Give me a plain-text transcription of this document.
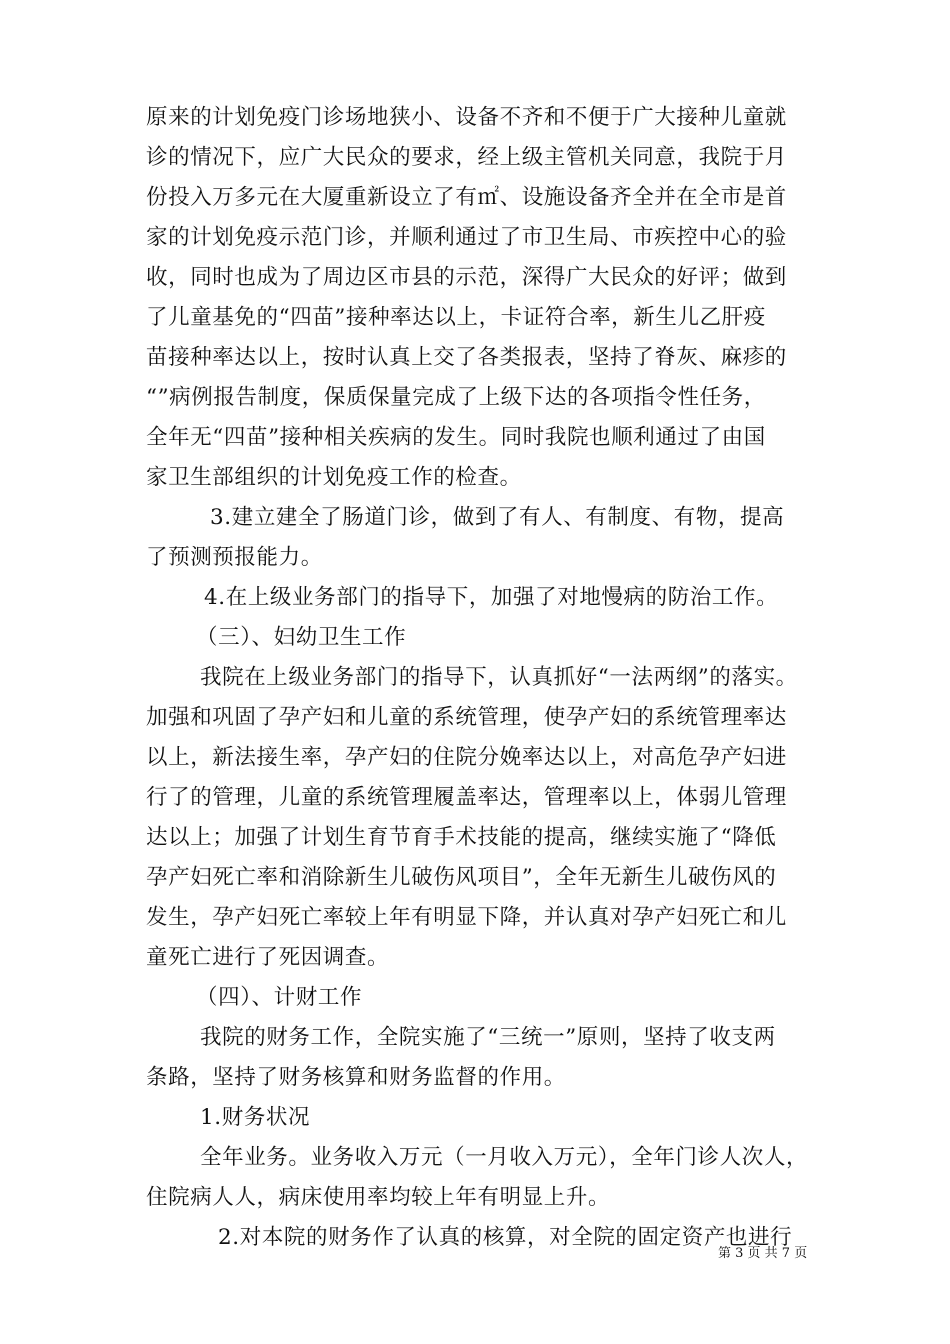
原来的计划免疫门诊场地狭小、设备不齐和不便于广大接种儿童就
诊的情况下，应广大民众的要求，经上级主管机关同意，我院于月
份投入万多元在大厦重新设立了有㎡、设施设备齐全并在全市是首
家的计划免疫示范门诊，并顺利通过了市卫生局、市疾控中心的验
收，同时也成为了周边区市县的示范，深得广大民众的好评；做到
了儿童基免的“四苗”接种率达以上，卡证符合率，新生儿乙肝疫
苗接种率达以上，按时认真上交了各类报表，坚持了脊灰、麻疹的
“”病例报告制度，保质保量完成了上级下达的各项指令性任务，
全年无“四苗”接种相关疾病的发生。同时我院也顺利通过了由国
家卫生部组织的计划免疫工作的检查。
3.建立建全了肠道门诊，做到了有人、有制度、有物，提高
了预测预报能力。
4.在上级业务部门的指导下，加强了对地慢病的防治工作。
（三）、妇幼卫生工作
我院在上级业务部门的指导下，认真抓好“一法两纲”的落实。
加强和巩固了孕产妇和儿童的系统管理，使孕产妇的系统管理率达
以上，新法接生率，孕产妇的住院分娩率达以上，对高危孕产妇进
行了的管理，儿童的系统管理履盖率达，管理率以上，体弱儿管理
达以上；加强了计划生育节育手术技能的提高，继续实施了“降低
孕产妇死亡率和消除新生儿破伤风项目”，全年无新生儿破伤风的
发生，孕产妇死亡率较上年有明显下降，并认真对孕产妇死亡和儿
童死亡进行了死因调查。
（四）、计财工作
我院的财务工作，全院实施了“三统一”原则，坚持了收支两
条路，坚持了财务核算和财务监督的作用。
1.财务状况
全年业务。业务收入万元（一月收入万元），全年门诊人次人，
住院病人人，病床使用率均较上年有明显上升。
2.对本院的财务作了认真的核算，对全院的固定资产也进行
第 3 页 共 7 页
